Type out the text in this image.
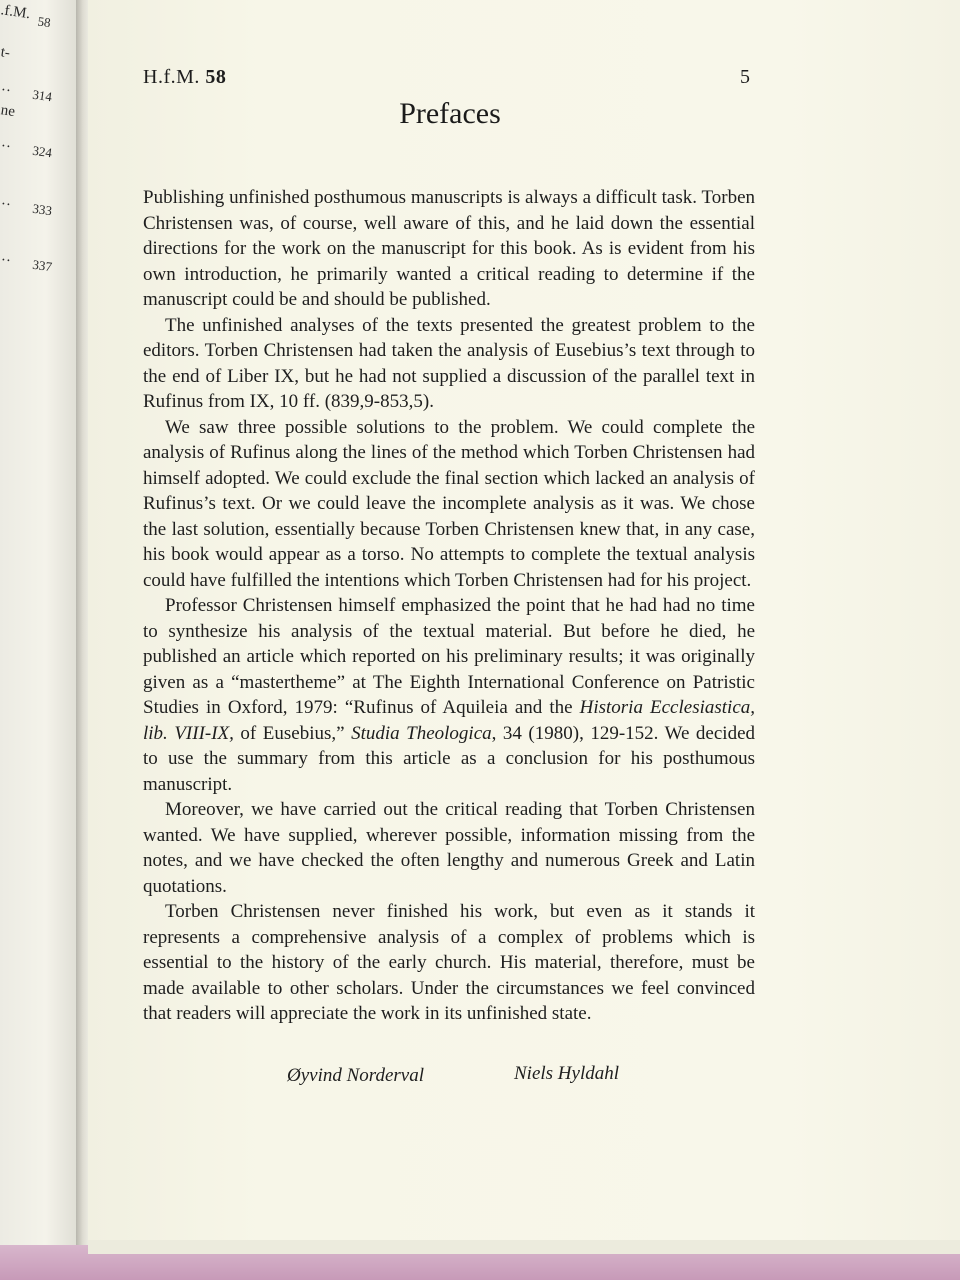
.f.M. 58
t-
·· 314
ne
·· 324
·· 333
·· 337
H.f.M. 58	5
Prefaces

Publishing unfinished posthumous manuscripts is always a difficult task. Torben Christensen was, of course, well aware of this, and he laid down the essential directions for the work on the manuscript for this book. As is evident from his own introduction, he primarily wanted a critical reading to determine if the manuscript could be and should be published.

The unfinished analyses of the texts presented the greatest problem to the editors. Torben Christensen had taken the analysis of Eusebius’s text through to the end of Liber IX, but he had not supplied a discussion of the parallel text in Rufinus from IX, 10 ff. (839,9-853,5).

We saw three possible solutions to the problem. We could complete the analysis of Rufinus along the lines of the method which Torben Christensen had himself adopted. We could exclude the final section which lacked an analysis of Rufinus’s text. Or we could leave the incomplete analysis as it was. We chose the last solution, essentially because Torben Christensen knew that, in any case, his book would appear as a torso. No attempts to complete the textual analysis could have fulfilled the intentions which Torben Christensen had for his project.

Professor Christensen himself emphasized the point that he had had no time to synthesize his analysis of the textual material. But before he died, he published an article which reported on his preliminary results; it was originally given as a “mastertheme” at The Eighth International Conference on Patristic Studies in Oxford, 1979: “Rufinus of Aquileia and the Historia Ecclesiastica, lib. VIII-IX, of Eusebius,” Studia Theologica, 34 (1980), 129-152. We decided to use the summary from this article as a conclusion for his posthumous manuscript.

Moreover, we have carried out the critical reading that Torben Christensen wanted. We have supplied, wherever possible, information missing from the notes, and we have checked the often lengthy and numerous Greek and Latin quotations.

Torben Christensen never finished his work, but even as it stands it represents a comprehensive analysis of a complex of problems which is essential to the history of the early church. His material, therefore, must be made available to other scholars. Under the circumstances we feel convinced that readers will appreciate the work in its unfinished state.

Øyvind Norderval	Niels Hyldahl
